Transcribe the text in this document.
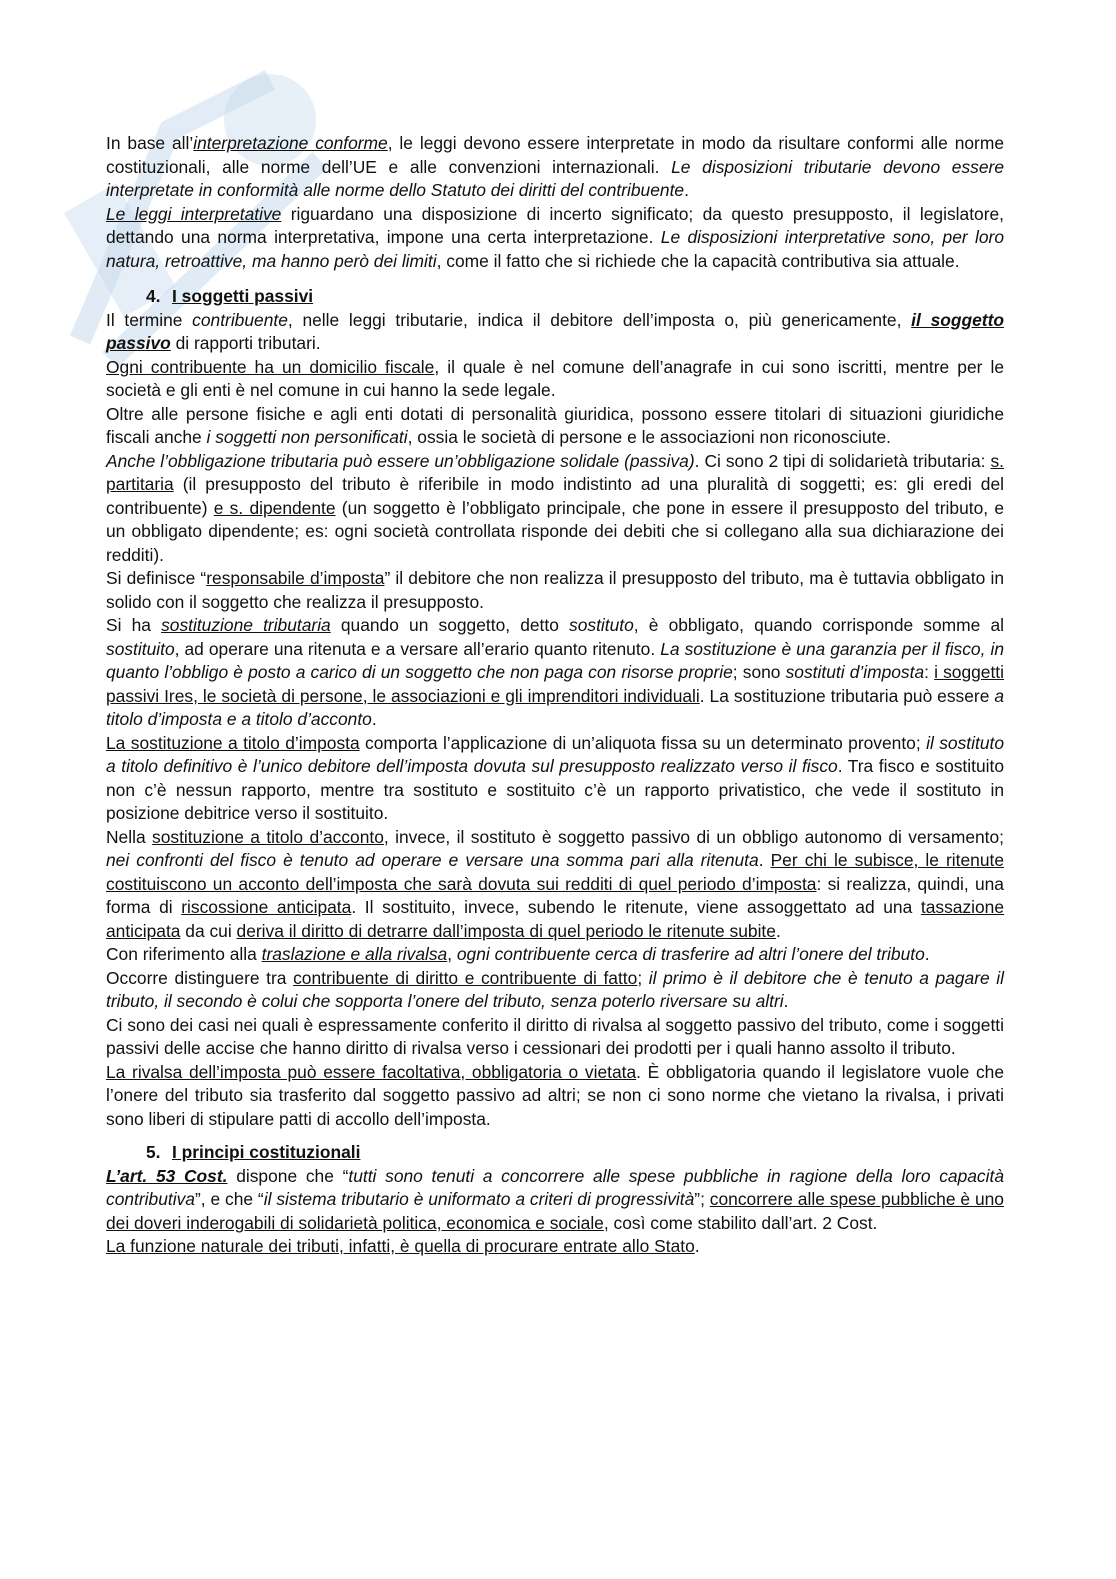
In base all’interpretazione conforme, le leggi devono essere interpretate in modo da risultare conformi alle norme costituzionali, alle norme dell’UE e alle convenzioni internazionali. Le disposizioni tributarie devono essere interpretate in conformità alle norme dello Statuto dei diritti del contribuente.

Le leggi interpretative riguardano una disposizione di incerto significato; da questo presupposto, il legislatore, dettando una norma interpretativa, impone una certa interpretazione. Le disposizioni interpretative sono, per loro natura, retroattive, ma hanno però dei limiti, come il fatto che si richiede che la capacità contributiva sia attuale.

4. I soggetti passivi

Il termine contribuente, nelle leggi tributarie, indica il debitore dell’imposta o, più genericamente, il soggetto passivo di rapporti tributari.

Ogni contribuente ha un domicilio fiscale, il quale è nel comune dell’anagrafe in cui sono iscritti, mentre per le società e gli enti è nel comune in cui hanno la sede legale.

Oltre alle persone fisiche e agli enti dotati di personalità giuridica, possono essere titolari di situazioni giuridiche fiscali anche i soggetti non personificati, ossia le società di persone e le associazioni non riconosciute.

Anche l’obbligazione tributaria può essere un’obbligazione solidale (passiva). Ci sono 2 tipi di solidarietà tributaria: s. partitaria (il presupposto del tributo è riferibile in modo indistinto ad una pluralità di soggetti; es: gli eredi del contribuente) e s. dipendente (un soggetto è l’obbligato principale, che pone in essere il presupposto del tributo, e un obbligato dipendente; es: ogni società controllata risponde dei debiti che si collegano alla sua dichiarazione dei redditi).

Si definisce “responsabile d’imposta” il debitore che non realizza il presupposto del tributo, ma è tuttavia obbligato in solido con il soggetto che realizza il presupposto.

Si ha sostituzione tributaria quando un soggetto, detto sostituto, è obbligato, quando corrisponde somme al sostituito, ad operare una ritenuta e a versare all’erario quanto ritenuto. La sostituzione è una garanzia per il fisco, in quanto l’obbligo è posto a carico di un soggetto che non paga con risorse proprie; sono sostituti d’imposta: i soggetti passivi Ires, le società di persone, le associazioni e gli imprenditori individuali. La sostituzione tributaria può essere a titolo d’imposta e a titolo d’acconto.

La sostituzione a titolo d’imposta comporta l’applicazione di un’aliquota fissa su un determinato provento; il sostituto a titolo definitivo è l’unico debitore dell’imposta dovuta sul presupposto realizzato verso il fisco. Tra fisco e sostituito non c’è nessun rapporto, mentre tra sostituto e sostituito c’è un rapporto privatistico, che vede il sostituto in posizione debitrice verso il sostituito.

Nella sostituzione a titolo d’acconto, invece, il sostituto è soggetto passivo di un obbligo autonomo di versamento; nei confronti del fisco è tenuto ad operare e versare una somma pari alla ritenuta. Per chi le subisce, le ritenute costituiscono un acconto dell’imposta che sarà dovuta sui redditi di quel periodo d’imposta: si realizza, quindi, una forma di riscossione anticipata. Il sostituito, invece, subendo le ritenute, viene assoggettato ad una tassazione anticipata da cui deriva il diritto di detrarre dall’imposta di quel periodo le ritenute subite.

Con riferimento alla traslazione e alla rivalsa, ogni contribuente cerca di trasferire ad altri l’onere del tributo.

Occorre distinguere tra contribuente di diritto e contribuente di fatto; il primo è il debitore che è tenuto a pagare il tributo, il secondo è colui che sopporta l’onere del tributo, senza poterlo riversare su altri.

Ci sono dei casi nei quali è espressamente conferito il diritto di rivalsa al soggetto passivo del tributo, come i soggetti passivi delle accise che hanno diritto di rivalsa verso i cessionari dei prodotti per i quali hanno assolto il tributo.

La rivalsa dell’imposta può essere facoltativa, obbligatoria o vietata. È obbligatoria quando il legislatore vuole che l’onere del tributo sia trasferito dal soggetto passivo ad altri; se non ci sono norme che vietano la rivalsa, i privati sono liberi di stipulare patti di accollo dell’imposta.

5. I principi costituzionali

L’art. 53 Cost. dispone che “tutti sono tenuti a concorrere alle spese pubbliche in ragione della loro capacità contributiva”, e che “il sistema tributario è uniformato a criteri di progressività”; concorrere alle spese pubbliche è uno dei doveri inderogabili di solidarietà politica, economica e sociale, così come stabilito dall’art. 2 Cost.

La funzione naturale dei tributi, infatti, è quella di procurare entrate allo Stato.
